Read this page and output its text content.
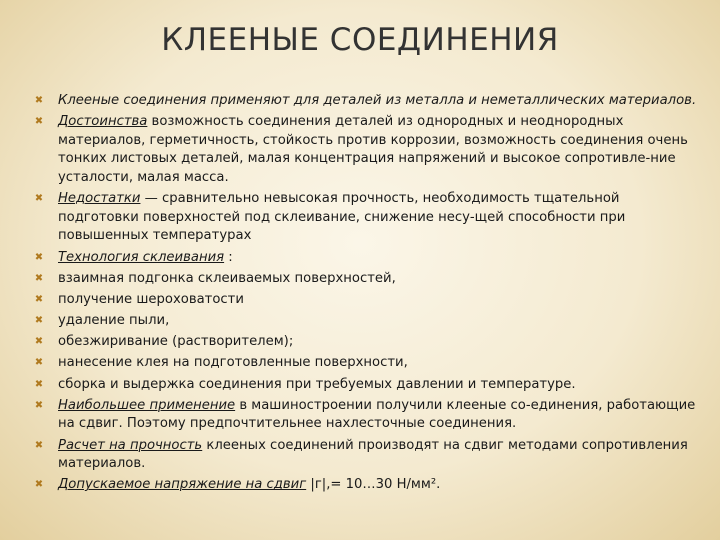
КЛЕЕНЫЕ СОЕДИНЕНИЯ
✖ Клееные соединения применяют для деталей из металла и неметаллических материалов.
✖ Достоинства возможность соединения деталей из однородных и неоднородных материалов, герметичность, стойкость против коррозии, возможность соединения очень тонких листовых деталей, малая концентрация напряжений и высокое сопротивле-ние усталости, малая масса.
✖ Недостатки — сравнительно невысокая прочность, необходимость тщательной подготовки поверхностей под склеивание, снижение несу-щей способности при повышенных температурах
✖ Технология склеивания :
✖ взаимная подгонка склеиваемых поверхностей,
✖ получение шероховатости
✖ удаление пыли,
✖ обезжиривание (растворителем);
✖ нанесение клея на подготовленные поверхности,
✖ сборка и выдержка соединения при требуемых давлении и температуре.
✖ Наибольшее применение в машиностроении получили клееные со-единения, работающие на сдвиг. Поэтому предпочтительнее нахлесточные соединения.
✖ Расчет на прочность клееных соединений производят на сдвиг методами сопротивления материалов.
✖ Допускаемое напряжение на сдвиг |г|,= 10…30 Н/мм².
